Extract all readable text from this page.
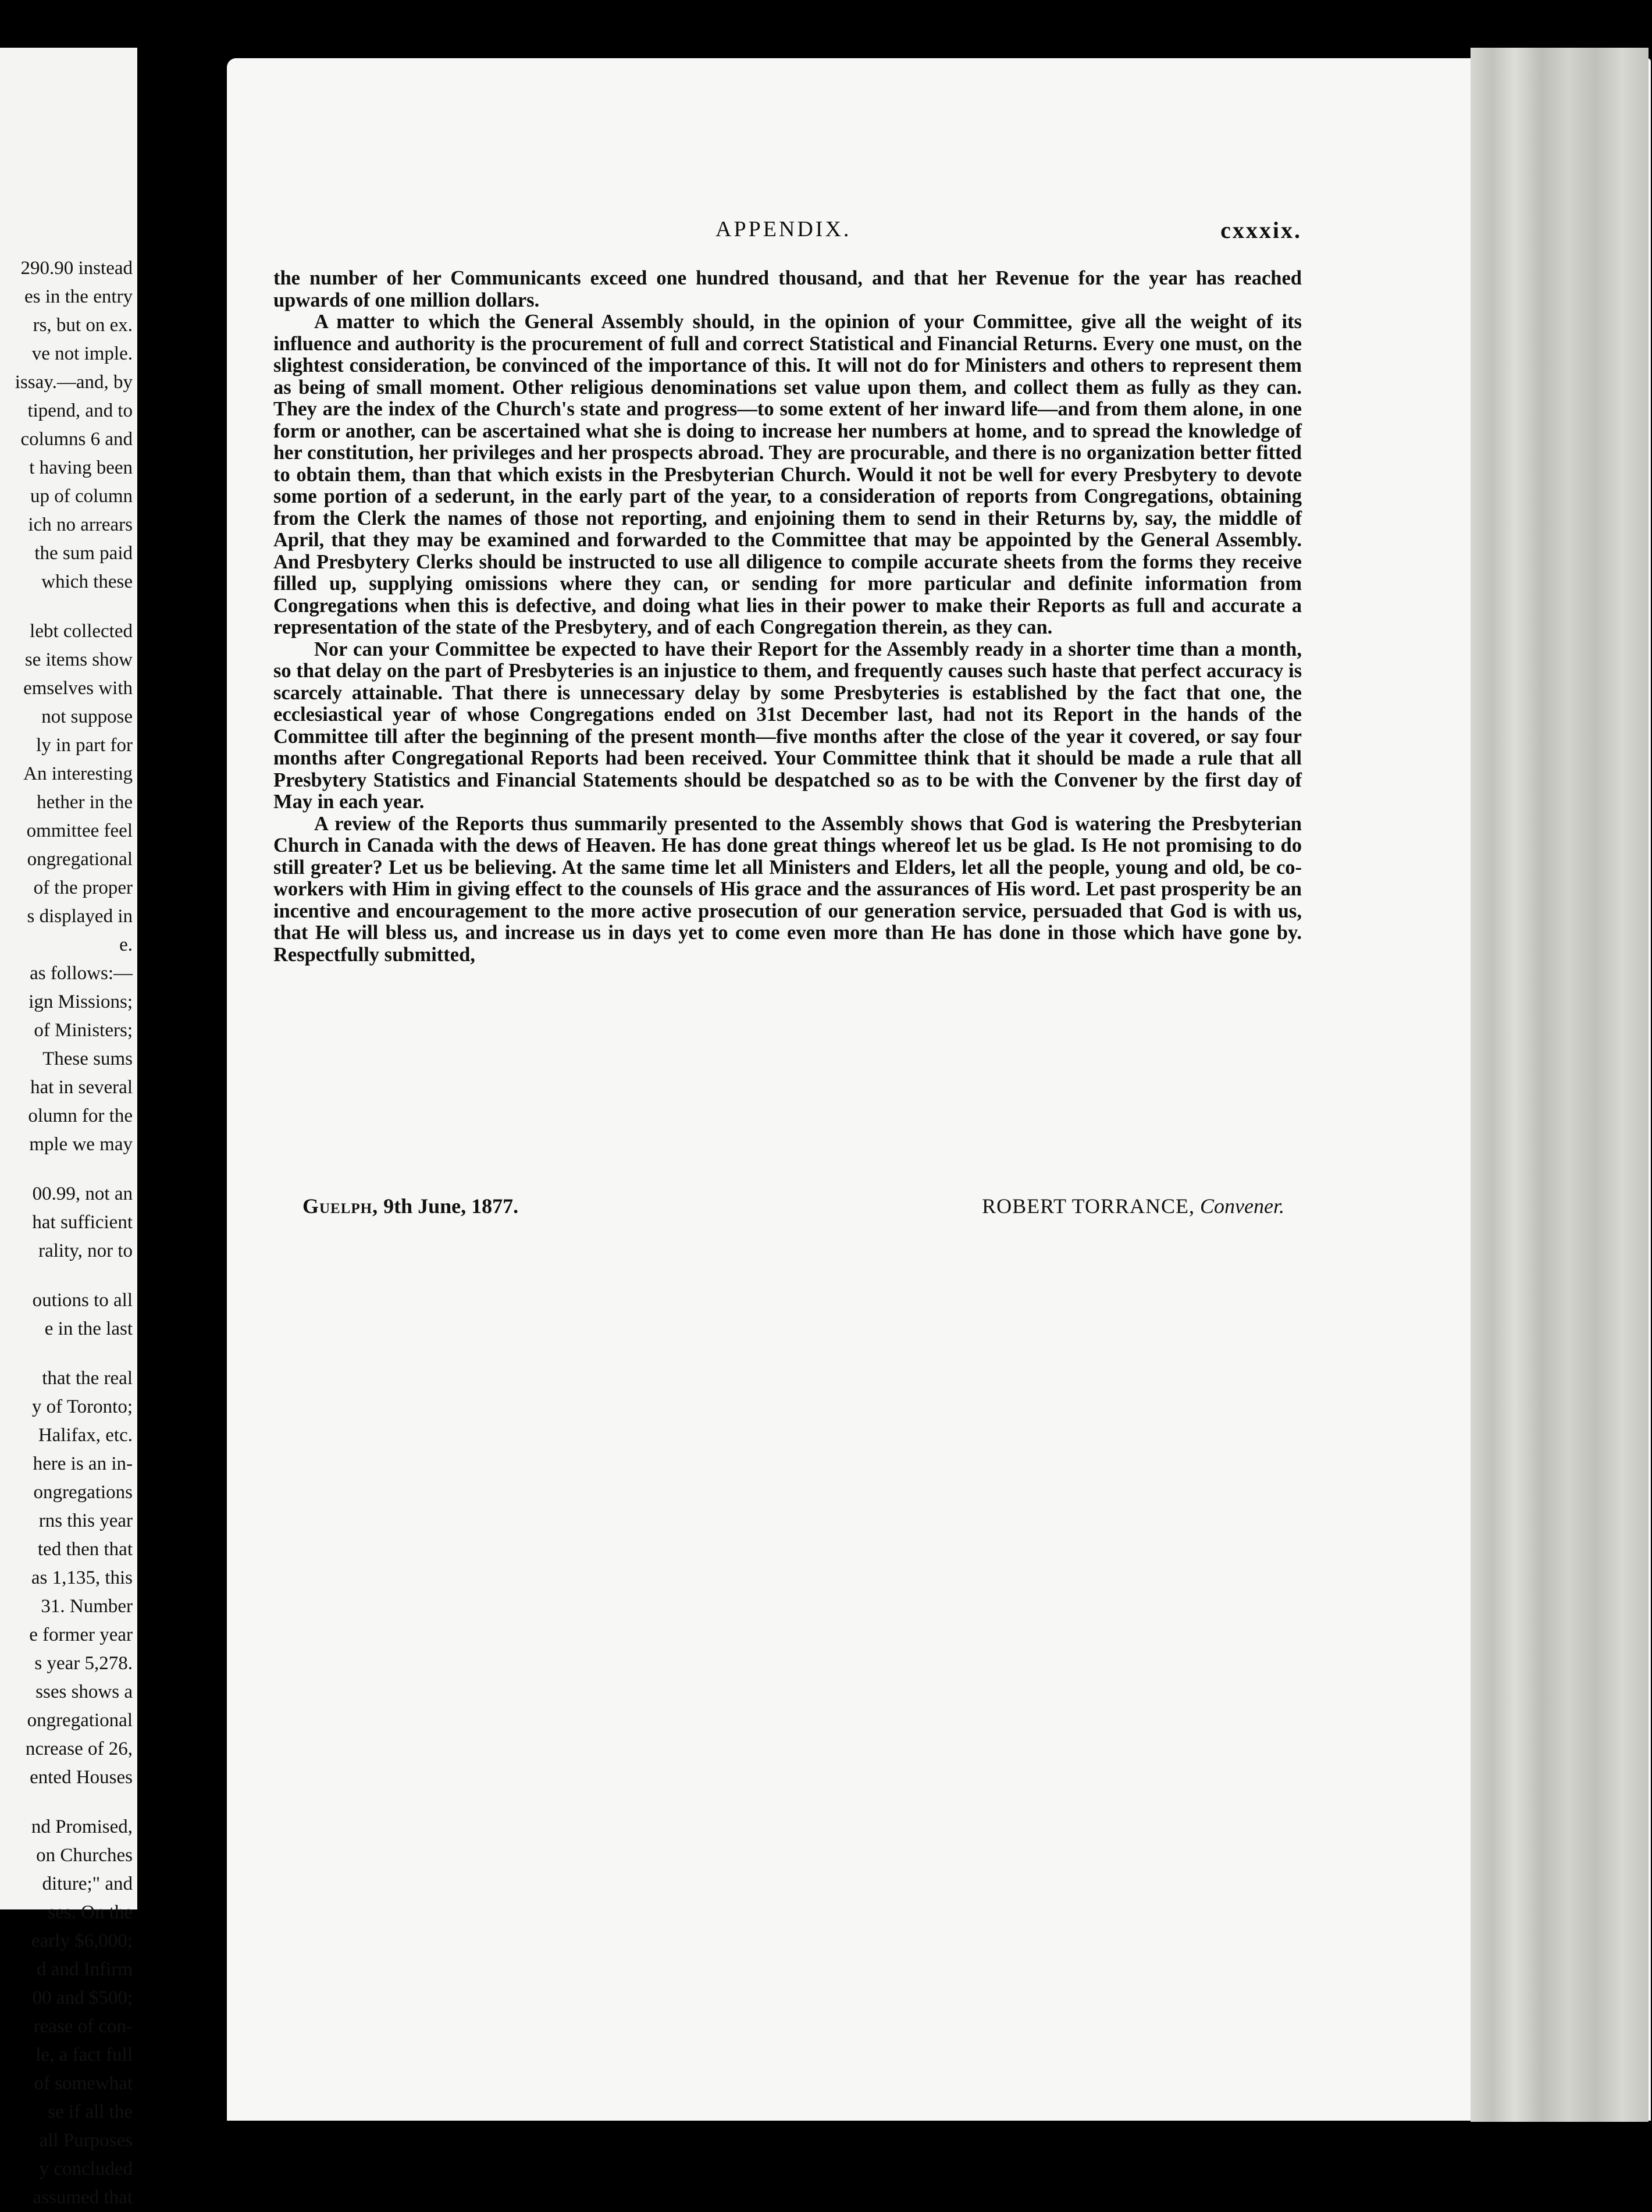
290.90 instead
es in the entry
rs, but on ex.
ve not imple.
issay.—and, by
tipend, and to
columns 6 and
t having been
up of column
ich no arrears
the sum paid
which these
lebt collected
se items show
emselves with
not suppose
ly in part for
An interesting
hether in the
ommittee feel
ongregational
of the proper
s displayed in
e.
as follows:—
ign Missions;
of Ministers;
These sums
hat in several
olumn for the
mple we may
00.99, not an
hat sufficient
rality, nor to
outions to all
e in the last
that the real
y of Toronto;
Halifax, etc.
here is an in-
ongregations
rns this year
ted then that
as 1,135, this
31. Number
e former year
s year 5,278.
sses shows a
ongregational
ncrease of 26,
ented Houses
nd Promised,
on Churches
diture;" and
ses. On the
early $6,000;
d and Infirm
00 and $500;
rease of con-
le, a fact full
of somewhat
se if all the
all Purposes
y concluded
assumed that
APPENDIX.	cxxxix.

the number of her Communicants exceed one hundred thousand, and that her Revenue for the year has reached upwards of one million dollars.

A matter to which the General Assembly should, in the opinion of your Committee, give all the weight of its influence and authority is the procurement of full and correct Statistical and Financial Returns. Every one must, on the slightest consideration, be convinced of the importance of this. It will not do for Ministers and others to represent them as being of small moment. Other religious denominations set value upon them, and collect them as fully as they can. They are the index of the Church's state and progress—to some extent of her inward life—and from them alone, in one form or another, can be ascertained what she is doing to increase her numbers at home, and to spread the knowledge of her constitution, her privileges and her prospects abroad. They are procurable, and there is no organization better fitted to obtain them, than that which exists in the Presbyterian Church. Would it not be well for every Presbytery to devote some portion of a sederunt, in the early part of the year, to a consideration of reports from Congregations, obtaining from the Clerk the names of those not reporting, and enjoining them to send in their Returns by, say, the middle of April, that they may be examined and forwarded to the Committee that may be appointed by the General Assembly. And Presbytery Clerks should be instructed to use all diligence to compile accurate sheets from the forms they receive filled up, supplying omissions where they can, or sending for more particular and definite information from Congregations when this is defective, and doing what lies in their power to make their Reports as full and accurate a representation of the state of the Presbytery, and of each Congregation therein, as they can.

Nor can your Committee be expected to have their Report for the Assembly ready in a shorter time than a month, so that delay on the part of Presbyteries is an injustice to them, and frequently causes such haste that perfect accuracy is scarcely attainable. That there is unnecessary delay by some Presbyteries is established by the fact that one, the ecclesiastical year of whose Congregations ended on 31st December last, had not its Report in the hands of the Committee till after the beginning of the present month—five months after the close of the year it covered, or say four months after Congregational Reports had been received. Your Committee think that it should be made a rule that all Presbytery Statistics and Financial Statements should be despatched so as to be with the Convener by the first day of May in each year.

A review of the Reports thus summarily presented to the Assembly shows that God is watering the Presbyterian Church in Canada with the dews of Heaven. He has done great things whereof let us be glad. Is He not promising to do still greater? Let us be believing. At the same time let all Ministers and Elders, let all the people, young and old, be co-workers with Him in giving effect to the counsels of His grace and the assurances of His word. Let past prosperity be an incentive and encouragement to the more active prosecution of our generation service, persuaded that God is with us, that He will bless us, and increase us in days yet to come even more than He has done in those which have gone by. Respectfully submitted,

Guelph, 9th June, 1877.	ROBERT TORRANCE, Convener.
